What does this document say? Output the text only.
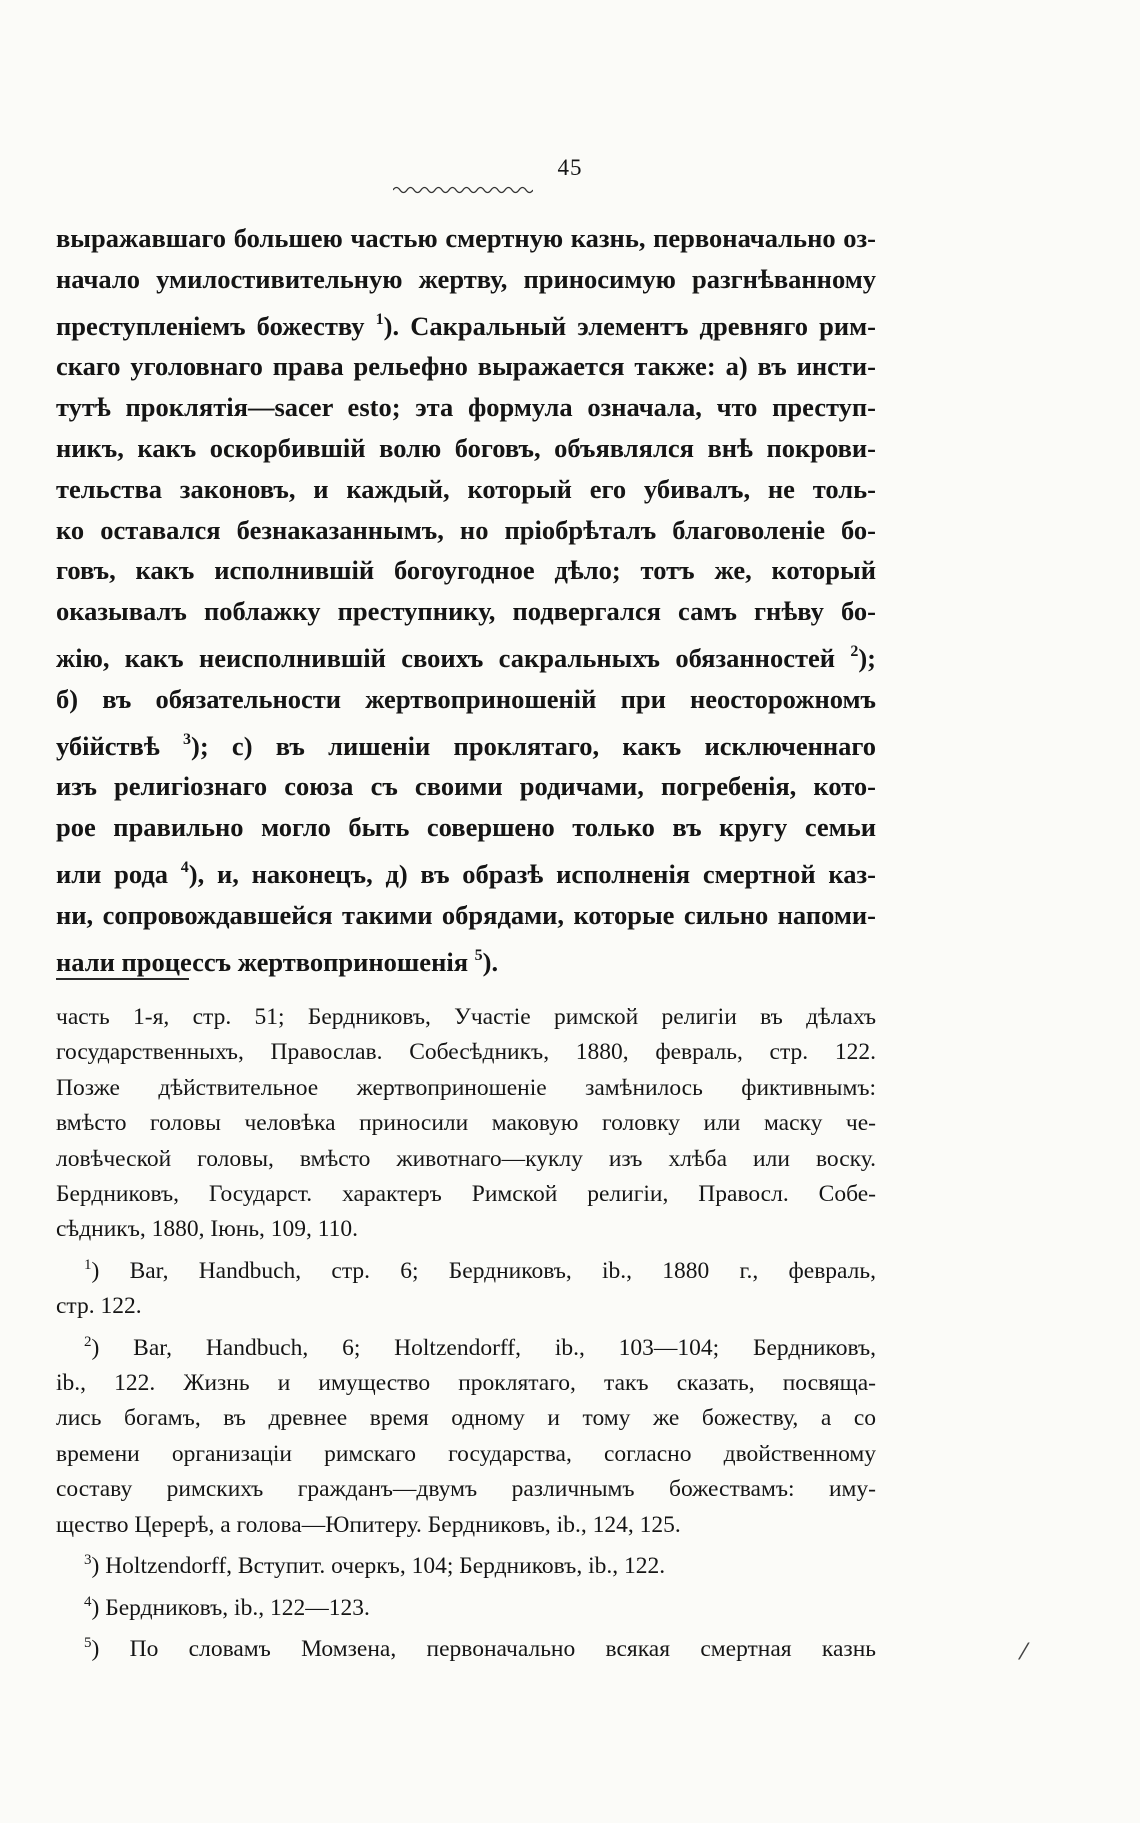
45
выражавшаго большею частью смертную казнь, первоначально оз-
начало умилостивительную жертву, приносимую разгнѣванному
преступленіемъ божеству $^1$). Сакральный элементъ древняго рим-
скаго уголовнаго права рельефно выражается также: а) въ инсти-
тутѣ проклятія—sacer esto; эта формула означала, что преступ-
никъ, какъ оскорбившій волю боговъ, объявлялся внѣ покрови-
тельства законовъ, и каждый, который его убивалъ, не толь-
ко оставался безнаказаннымъ, но пріобрѣталъ благоволеніе бо-
говъ, какъ исполнившій богоугодное дѣло; тотъ же, который
оказывалъ поблажку преступнику, подвергался самъ гнѣву бо-
жію, какъ неисполнившій своихъ сакральныхъ обязанностей $^2$);
б) въ обязательности жертвоприношеній при неосторожномъ
убійствѣ $^3$); с) въ лишеніи проклятаго, какъ исключеннаго
изъ религіознаго союза съ своими родичами, погребенія, кото-
рое правильно могло быть совершено только въ кругу семьи
или рода $^4$), и, наконецъ, д) въ образѣ исполненія смертной каз-
ни, сопровождавшейся такими обрядами, которые сильно напоми-
нали процессъ жертвоприношенія $^5$).
часть 1-я, стр. 51; Бердниковъ, Участіе римской религіи въ дѣлахъ
государственныхъ, Православ. Собесѣдникъ, 1880, февраль, стр. 122.
Позже дѣйствительное жертвоприношеніе замѣнилось фиктивнымъ:
вмѣсто головы человѣка приносили маковую головку или маску че-
ловѣческой головы, вмѣсто животнаго—куклу изъ хлѣба или воску.
Бердниковъ, Государст. характеръ Римской религіи, Правосл. Собе-
сѣдникъ, 1880, Іюнь, 109, 110.
$^1$) Bar, Handbuch, стр. 6; Бердниковъ, ib., 1880 г., февраль,
стр. 122.
$^2$) Bar, Handbuch, 6; Holtzendorff, ib., 103—104; Бердниковъ,
ib., 122. Жизнь и имущество проклятаго, такъ сказать, посвяща-
лись богамъ, въ древнее время одному и тому же божеству, а со
времени организаціи римскаго государства, согласно двойственному
составу римскихъ гражданъ—двумъ различнымъ божествамъ: иму-
щество Церерѣ, а голова—Юпитеру. Бердниковъ, ib., 124, 125.
$^3$) Holtzendorff, Вступит. очеркъ, 104; Бердниковъ, ib., 122.
$^4$) Бердниковъ, ib., 122—123.
$^5$) По словамъ Момзена, первоначально всякая смертная казнь	⁄
